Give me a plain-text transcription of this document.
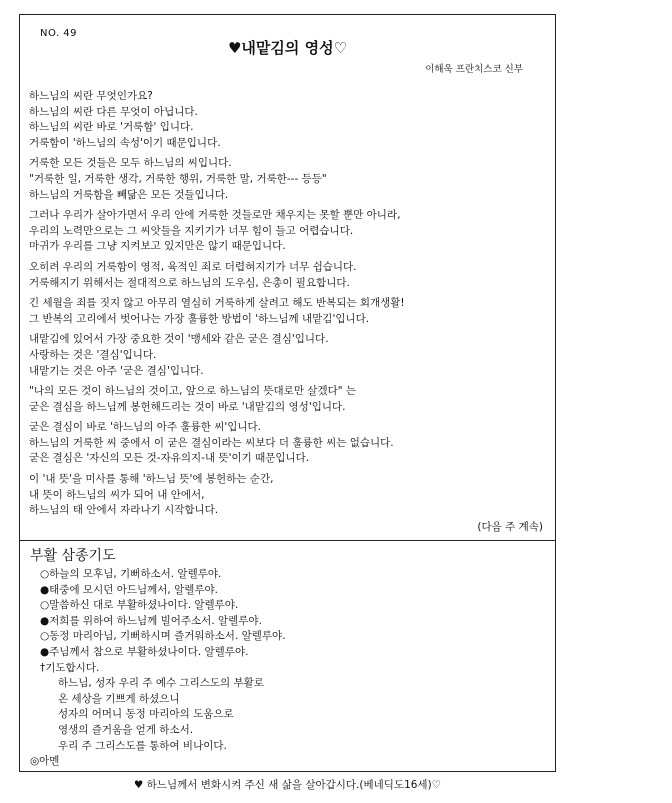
NO. 49
♥내맡김의 영성♡
이해욱 프란치스코 신부
하느님의 씨란 무엇인가요?
하느님의 씨란 다른 무엇이 아닙니다.
하느님의 씨란 바로 '거룩함' 입니다.
거룩함이 '하느님의 속성'이기 때문입니다.
거룩한 모든 것들은 모두 하느님의 씨입니다.
"거룩한 일, 거룩한 생각, 거룩한 행위, 거룩한 말, 거룩한--- 등등"
하느님의 거룩함을 빼닮은 모든 것들입니다.
그러나 우리가 살아가면서 우리 안에 거룩한 것들로만 채우지는 못할 뿐만 아니라,
우리의 노력만으로는 그 씨앗들을 지키기가 너무 힘이 들고 어렵습니다.
마귀가 우리를 그냥 지켜보고 있지만은 않기 때문입니다.
오히려 우리의 거룩함이 영적, 육적인 죄로 더렵혀지기가 너무 쉽습니다.
거룩해지기 위해서는 절대적으로 하느님의 도우심, 은총이 필요합니다.
긴 세월을 죄를 짓지 않고 아무리 열심히 거룩하게 살려고 해도 반복되는 회개생활!
그 반복의 고리에서 벗어나는 가장 훌륭한 방법이 '하느님께 내맡김'입니다.
내맡김에 있어서 가장 중요한 것이 '맹세와 같은 굳은 결심'입니다.
사랑하는 것은 '결심'입니다.
내맡기는 것은 아주 '굳은 결심'입니다.
"나의 모든 것이 하느님의 것이고, 앞으로 하느님의 뜻대로만 살겠다" 는
굳은 결심을 하느님께 봉헌해드리는 것이 바로 '내맡김의 영성'입니다.
굳은 결심이 바로 '하느님의 아주 훌륭한 씨'입니다.
하느님의 거룩한 씨 중에서 이 굳은 결심이라는 씨보다 더 훌륭한 씨는 없습니다.
굳은 결심은 '자신의 모든 것-자유의지-내 뜻'이기 때문입니다.
이 '내 뜻'을 미사를 통해 '하느님 뜻'에 봉헌하는 순간,
내 뜻이 하느님의 씨가 되어 내 안에서,
하느님의 태 안에서 자라나기 시작합니다.
(다음 주 계속)
부활 삼종기도
○하늘의 모후님, 기뻐하소서. 알렐루야.
●태중에 모시던 아드님께서, 알렐루야.
○말씀하신 대로 부활하셨나이다. 알렐루야.
●저희를 위하여 하느님께 빌어주소서. 알렐루야.
○동정 마리아님, 기뻐하시며 즐거워하소서. 알렐루야.
●주님께서 참으로 부활하셨나이다. 알렐루야.
†기도합시다.
하느님, 성자 우리 주 예수 그리스도의 부활로
온 세상을 기쁘게 하셨으니
성자의 어머니 동정 마리아의 도움으로
영생의 즐거움을 얻게 하소서.
우리 주 그리스도를 통하여 비나이다.
◎아멘
♥ 하느님께서 변화시켜 주신 새 삶을 살아갑시다.(베네딕도16세)♡
